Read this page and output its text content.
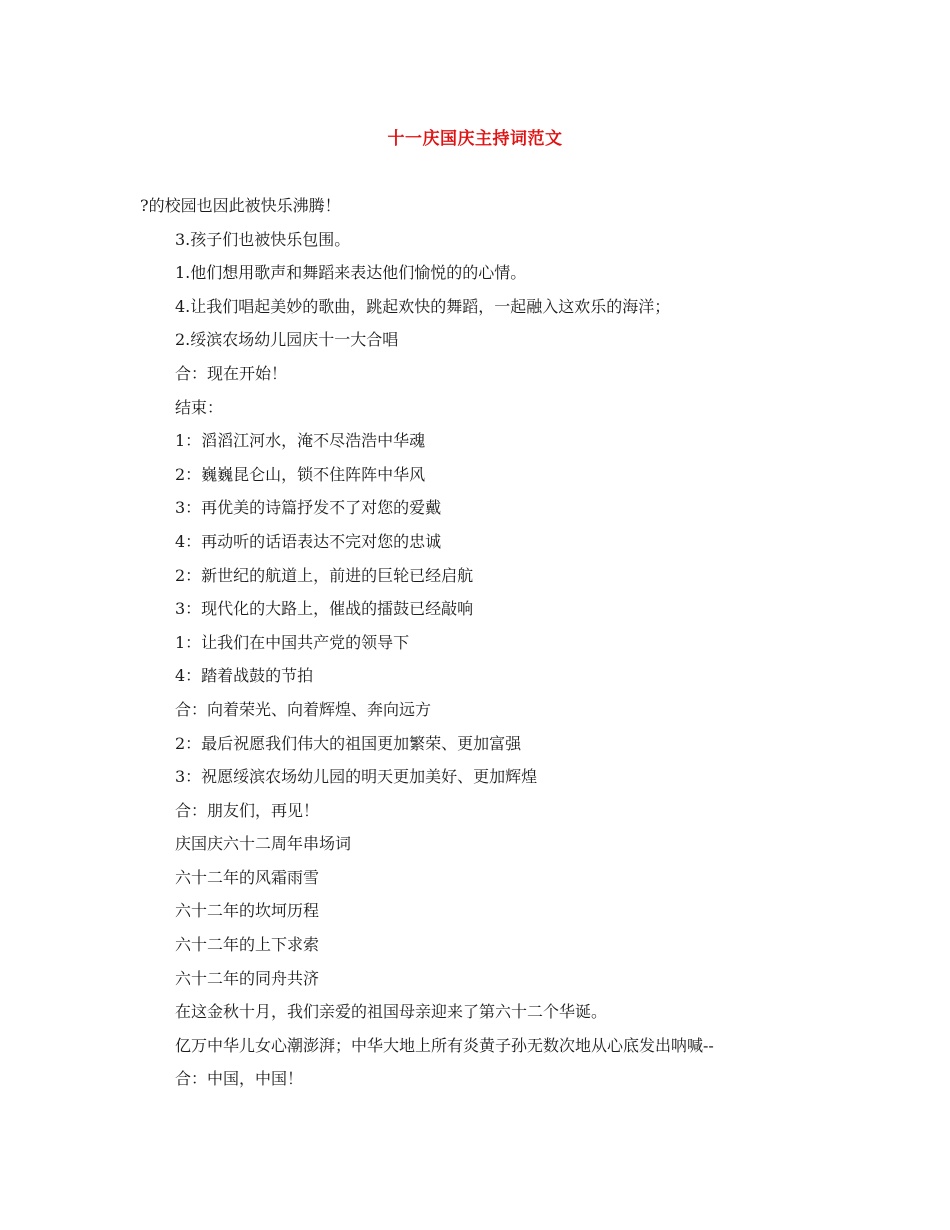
十一庆国庆主持词范文
?的校园也因此被快乐沸腾！
3.孩子们也被快乐包围。
1.他们想用歌声和舞蹈来表达他们愉悦的的心情。
4.让我们唱起美妙的歌曲，跳起欢快的舞蹈，一起融入这欢乐的海洋；
2.绥滨农场幼儿园庆十一大合唱
合：现在开始！
结束：
1：滔滔江河水，淹不尽浩浩中华魂
2：巍巍昆仑山，锁不住阵阵中华风
3：再优美的诗篇抒发不了对您的爱戴
4：再动听的话语表达不完对您的忠诚
2：新世纪的航道上，前进的巨轮已经启航
3：现代化的大路上，催战的擂鼓已经敲响
1：让我们在中国共产党的领导下
4：踏着战鼓的节拍
合：向着荣光、向着辉煌、奔向远方
2：最后祝愿我们伟大的祖国更加繁荣、更加富强
3：祝愿绥滨农场幼儿园的明天更加美好、更加辉煌
合：朋友们，再见！
庆国庆六十二周年串场词
六十二年的风霜雨雪
六十二年的坎坷历程
六十二年的上下求索
六十二年的同舟共济
在这金秋十月，我们亲爱的祖国母亲迎来了第六十二个华诞。
亿万中华儿女心潮澎湃；中华大地上所有炎黄子孙无数次地从心底发出呐喊--
合：中国，中国！
